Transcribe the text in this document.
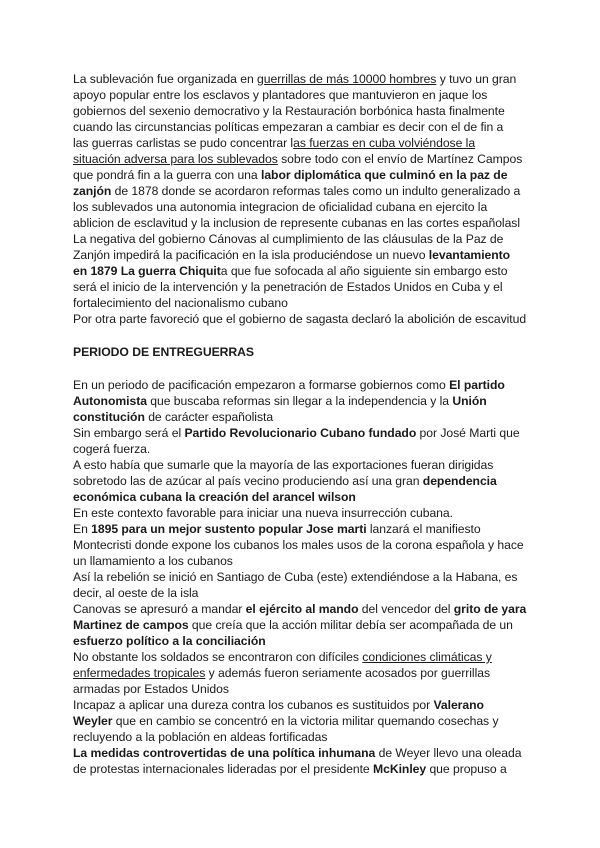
La sublevación fue organizada en guerrillas de más 10000 hombres y tuvo un gran
apoyo popular entre los esclavos y plantadores que mantuvieron en jaque los
gobiernos del sexenio democrativo y la Restauración borbónica hasta finalmente
cuando las circunstancias políticas empezaran a cambiar es decir con el de fin a
las guerras carlistas se pudo concentrar las fuerzas en cuba volviéndose la
situación adversa para los sublevados sobre todo con el envío de Martínez Campos
que pondrá fin a la guerra con una labor diplomática que culminó en la paz de
zanjón de 1878 donde se acordaron reformas tales como un indulto generalizado a
los sublevados una autonomia integracion de oficialidad cubana en ejercito la
ablicion de esclavitud y la inclusion de represente cubanas en las cortes españolasl
La negativa del gobierno Cánovas al cumplimiento de las cláusulas de la Paz de
Zanjón impedirá la pacificación en la isla produciéndose un nuevo levantamiento
en 1879 La guerra Chiquita que fue sofocada al año siguiente sin embargo esto
será el inicio de la intervención y la penetración de Estados Unidos en Cuba y el
fortalecimiento del nacionalismo cubano
Por otra parte favoreció que el gobierno de sagasta declaró la abolición de escavitud
PERIODO DE ENTREGUERRAS
En un periodo de pacificación empezaron a formarse gobiernos como El partido
Autonomista que buscaba reformas sin llegar a la independencia y la Unión
constitución de carácter españolista
Sin embargo será el Partido Revolucionario Cubano fundado por José Marti que
cogerá fuerza.
A esto había que sumarle que la mayoría de las exportaciones fueran dirigidas
sobretodo las de azúcar al país vecino produciendo así una gran dependencia
económica cubana la creación del arancel wilson
En este contexto favorable para iniciar una nueva insurrección cubana.
En 1895 para un mejor sustento popular Jose marti lanzará el manifiesto
Montecristi donde expone los cubanos los males usos de la corona española y hace
un llamamiento a los cubanos
Así la rebelión se inició en Santiago de Cuba (este) extendiéndose a la Habana, es
decir, al oeste de la isla
Canovas se apresuró a mandar el ejército al mando del vencedor del grito de yara
Martinez de campos que creía que la acción militar debía ser acompañada de un
esfuerzo político a la conciliación
No obstante los soldados se encontraron con difíciles condiciones climáticas y
enfermedades tropicales y además fueron seriamente acosados por guerrillas
armadas por Estados Unidos
Incapaz a aplicar una dureza contra los cubanos es sustituidos por Valerano
Weyler que en cambio se concentró en la victoria militar quemando cosechas y
recluyendo a la población en aldeas fortificadas
La medidas controvertidas de una política inhumana de Weyer llevo una oleada
de protestas internacionales lideradas por el presidente McKinley que propuso a
